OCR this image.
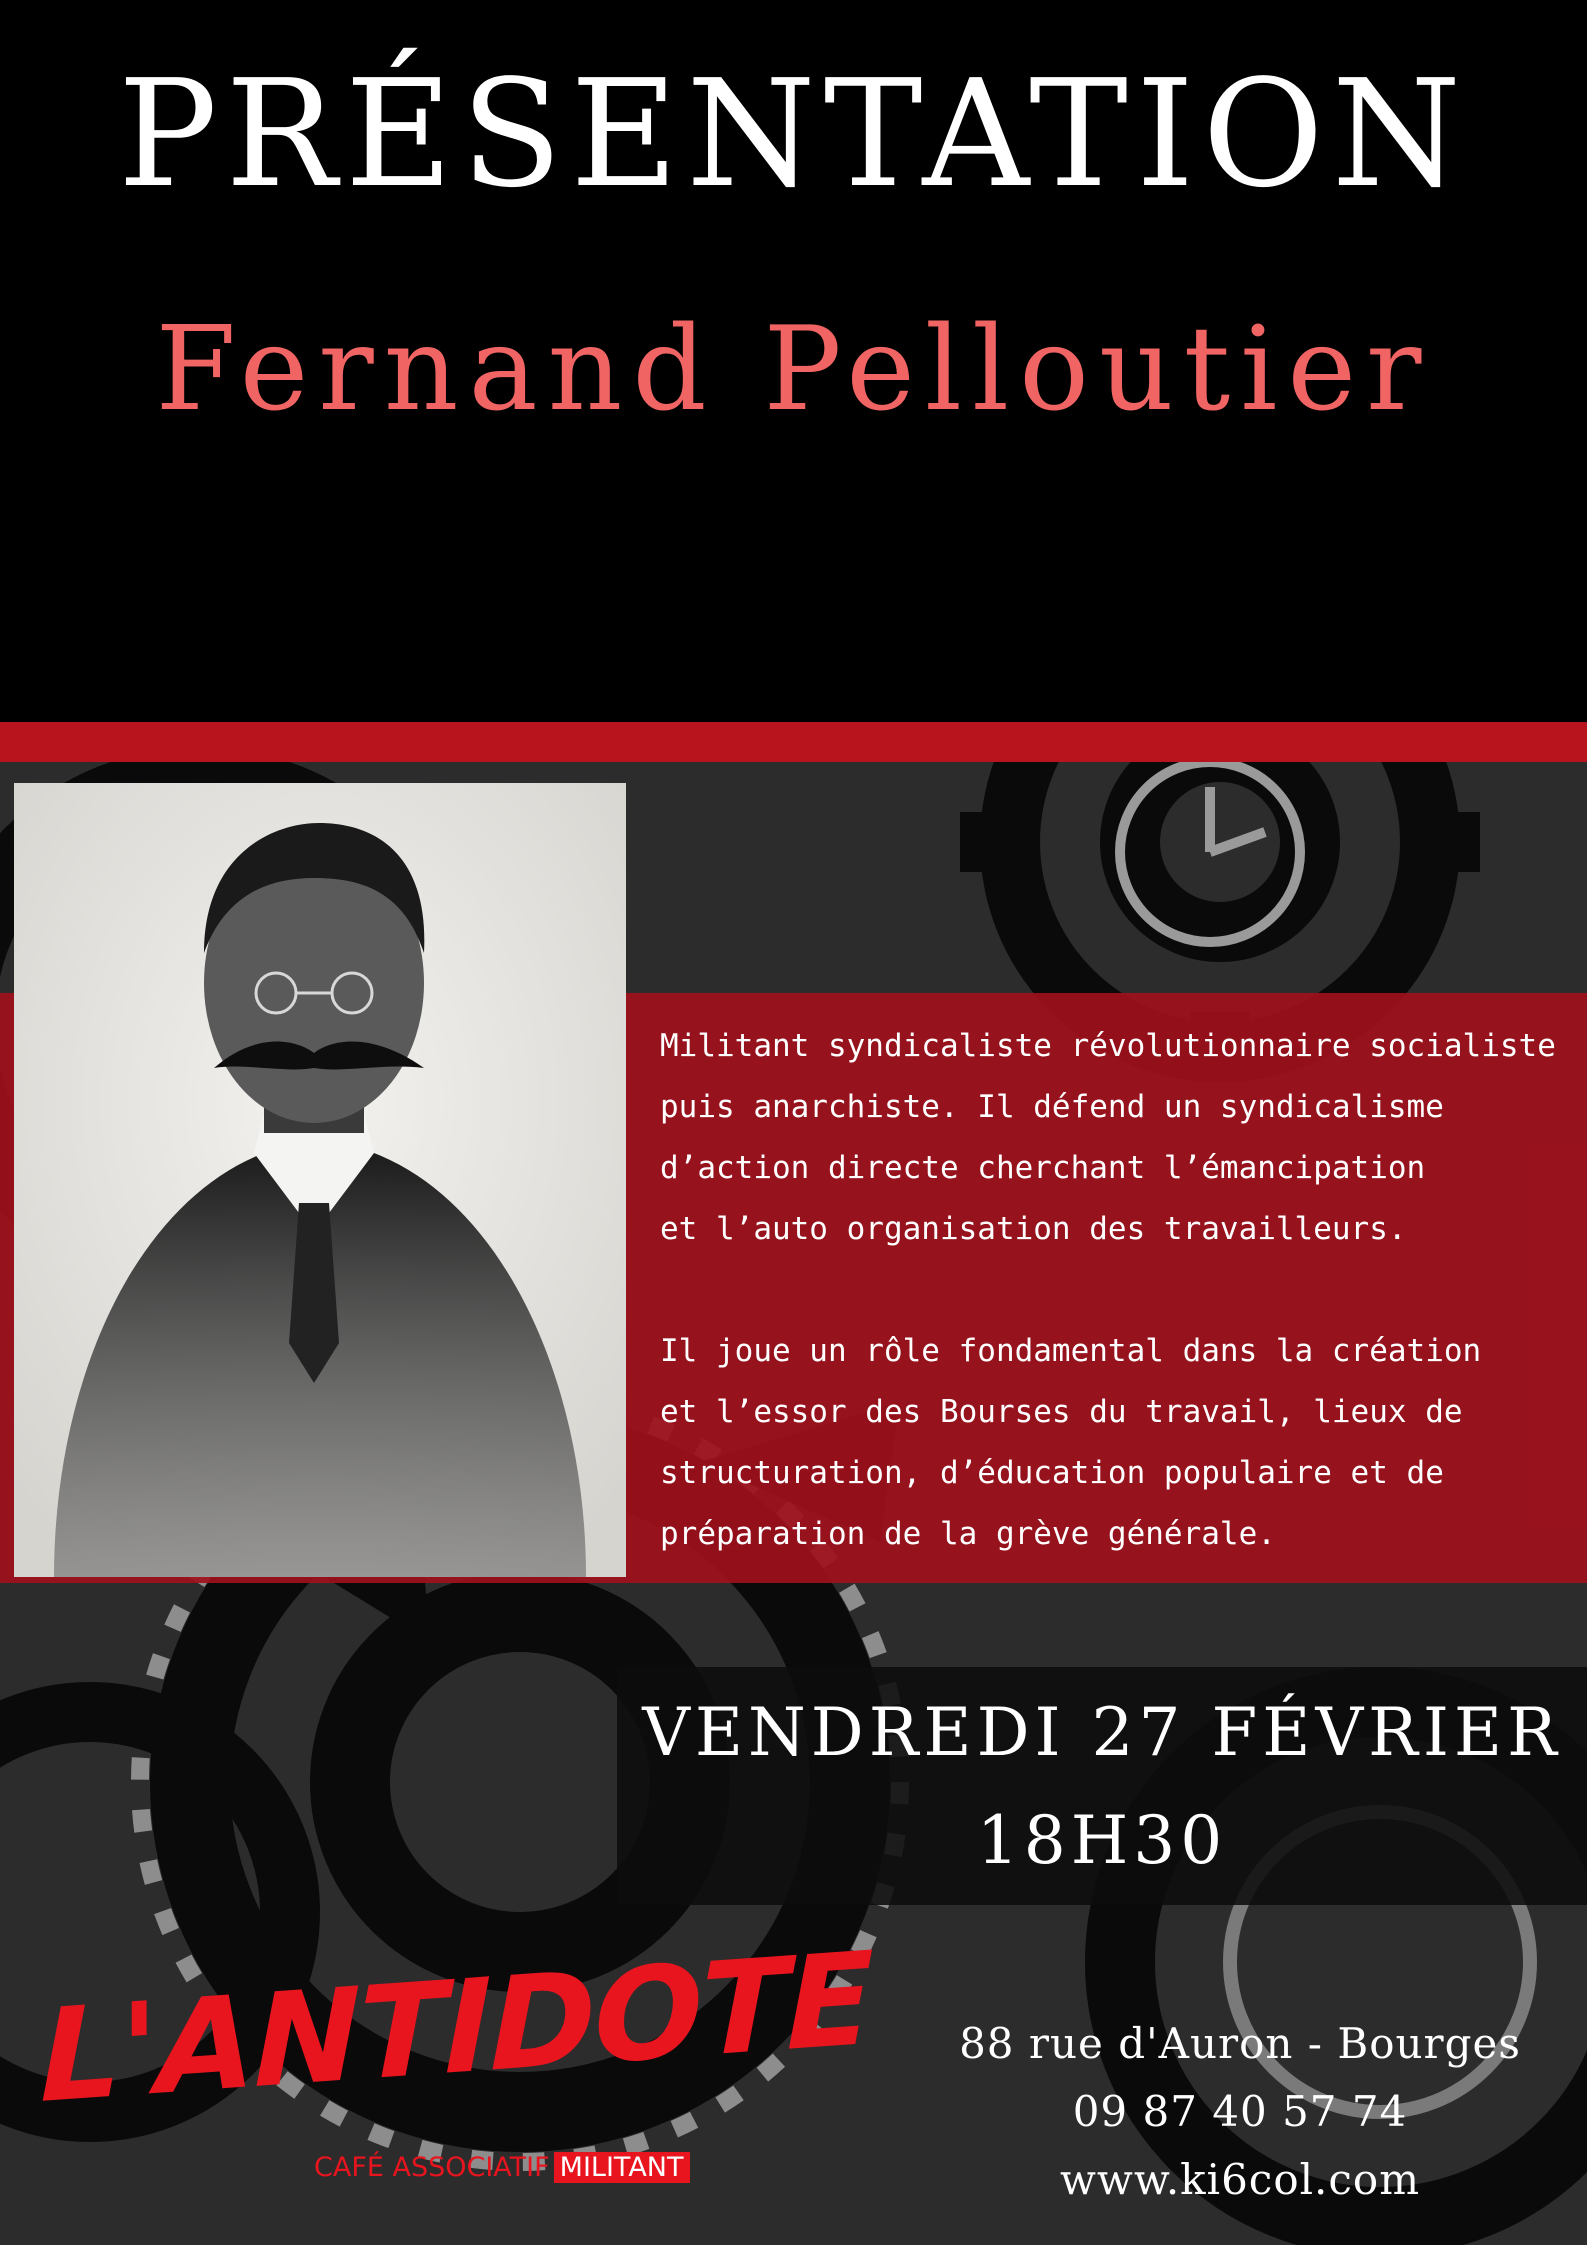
PRÉSENTATION
Fernand Pelloutier

Militant syndicaliste révolutionnaire socialiste
puis anarchiste. Il défend un syndicalisme
d’action directe cherchant l’émancipation
et l’auto organisation des travailleurs.

Il joue un rôle fondamental dans la création
et l’essor des Bourses du travail, lieux de
structuration, d’éducation populaire et de
préparation de la grève générale.

VENDREDI 27 FÉVRIER
18H30
L'ANTIDOTE
CAFÉ ASSOCIATIF MILITANT
88 rue d'Auron - Bourges
09 87 40 57 74
www.ki6col.com
